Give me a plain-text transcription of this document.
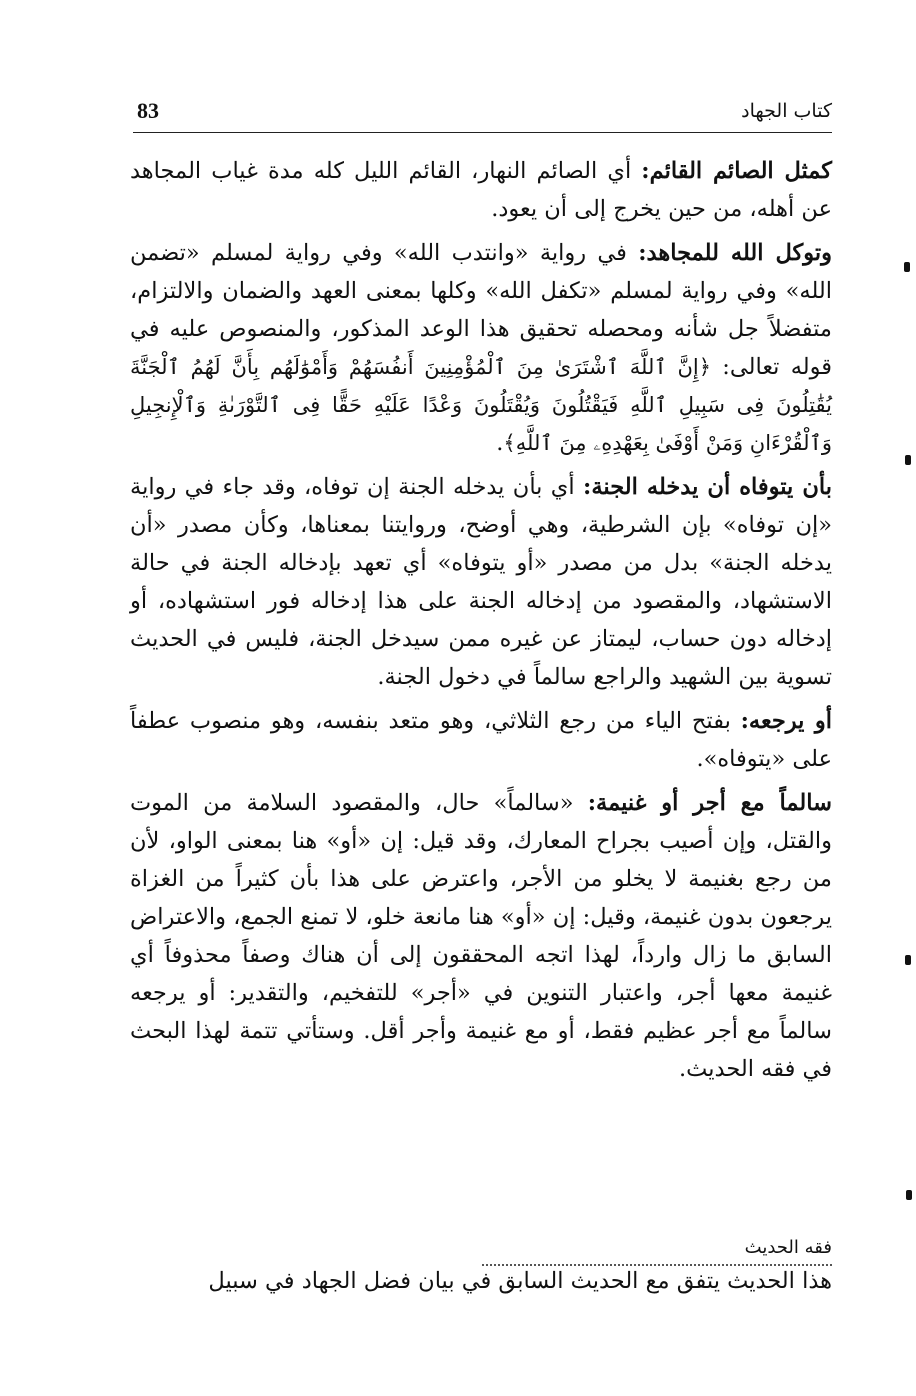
83	كتاب الجهاد

كمثل الصائم القائم: أي الصائم النهار، القائم الليل كله مدة غياب المجاهد عن أهله، من حين يخرج إلى أن يعود.

وتوكل الله للمجاهد: في رواية «وانتدب الله» وفي رواية لمسلم «تضمن الله» وفي رواية لمسلم «تكفل الله» وكلها بمعنى العهد والضمان والالتزام، متفضلاً جل شأنه ومحصله تحقيق هذا الوعد المذكور، والمنصوص عليه في قوله تعالى: ﴿إِنَّ ٱللَّهَ ٱشْتَرَىٰ مِنَ ٱلْمُؤْمِنِينَ أَنفُسَهُمْ وَأَمْوَٰلَهُم بِأَنَّ لَهُمُ ٱلْجَنَّةَ يُقَٰتِلُونَ فِى سَبِيلِ ٱللَّهِ فَيَقْتُلُونَ وَيُقْتَلُونَ وَعْدًا عَلَيْهِ حَقًّا فِى ٱلتَّوْرَىٰةِ وَٱلْإِنجِيلِ وَٱلْقُرْءَانِ وَمَنْ أَوْفَىٰ بِعَهْدِهِۦ مِنَ ٱللَّهِ﴾.

بأن يتوفاه أن يدخله الجنة: أي بأن يدخله الجنة إن توفاه، وقد جاء في رواية «إن توفاه» بإن الشرطية، وهي أوضح، وروايتنا بمعناها، وكأن مصدر «أن يدخله الجنة» بدل من مصدر «أو يتوفاه» أي تعهد بإدخاله الجنة في حالة الاستشهاد، والمقصود من إدخاله الجنة على هذا إدخاله فور استشهاده، أو إدخاله دون حساب، ليمتاز عن غيره ممن سيدخل الجنة، فليس في الحديث تسوية بين الشهيد والراجع سالماً في دخول الجنة.

أو يرجعه: بفتح الياء من رجع الثلاثي، وهو متعد بنفسه، وهو منصوب عطفاً على «يتوفاه».

سالماً مع أجر أو غنيمة: «سالماً» حال، والمقصود السلامة من الموت والقتل، وإن أصيب بجراح المعارك، وقد قيل: إن «أو» هنا بمعنى الواو، لأن من رجع بغنيمة لا يخلو من الأجر، واعترض على هذا بأن كثيراً من الغزاة يرجعون بدون غنيمة، وقيل: إن «أو» هنا مانعة خلو، لا تمنع الجمع، والاعتراض السابق ما زال وارداً، لهذا اتجه المحققون إلى أن هناك وصفاً محذوفاً أي غنيمة معها أجر، واعتبار التنوين في «أجر» للتفخيم، والتقدير: أو يرجعه سالماً مع أجر عظيم فقط، أو مع غنيمة وأجر أقل. وستأتي تتمة لهذا البحث في فقه الحديث.

فقه الحديث
هذا الحديث يتفق مع الحديث السابق في بيان فضل الجهاد في سبيل
